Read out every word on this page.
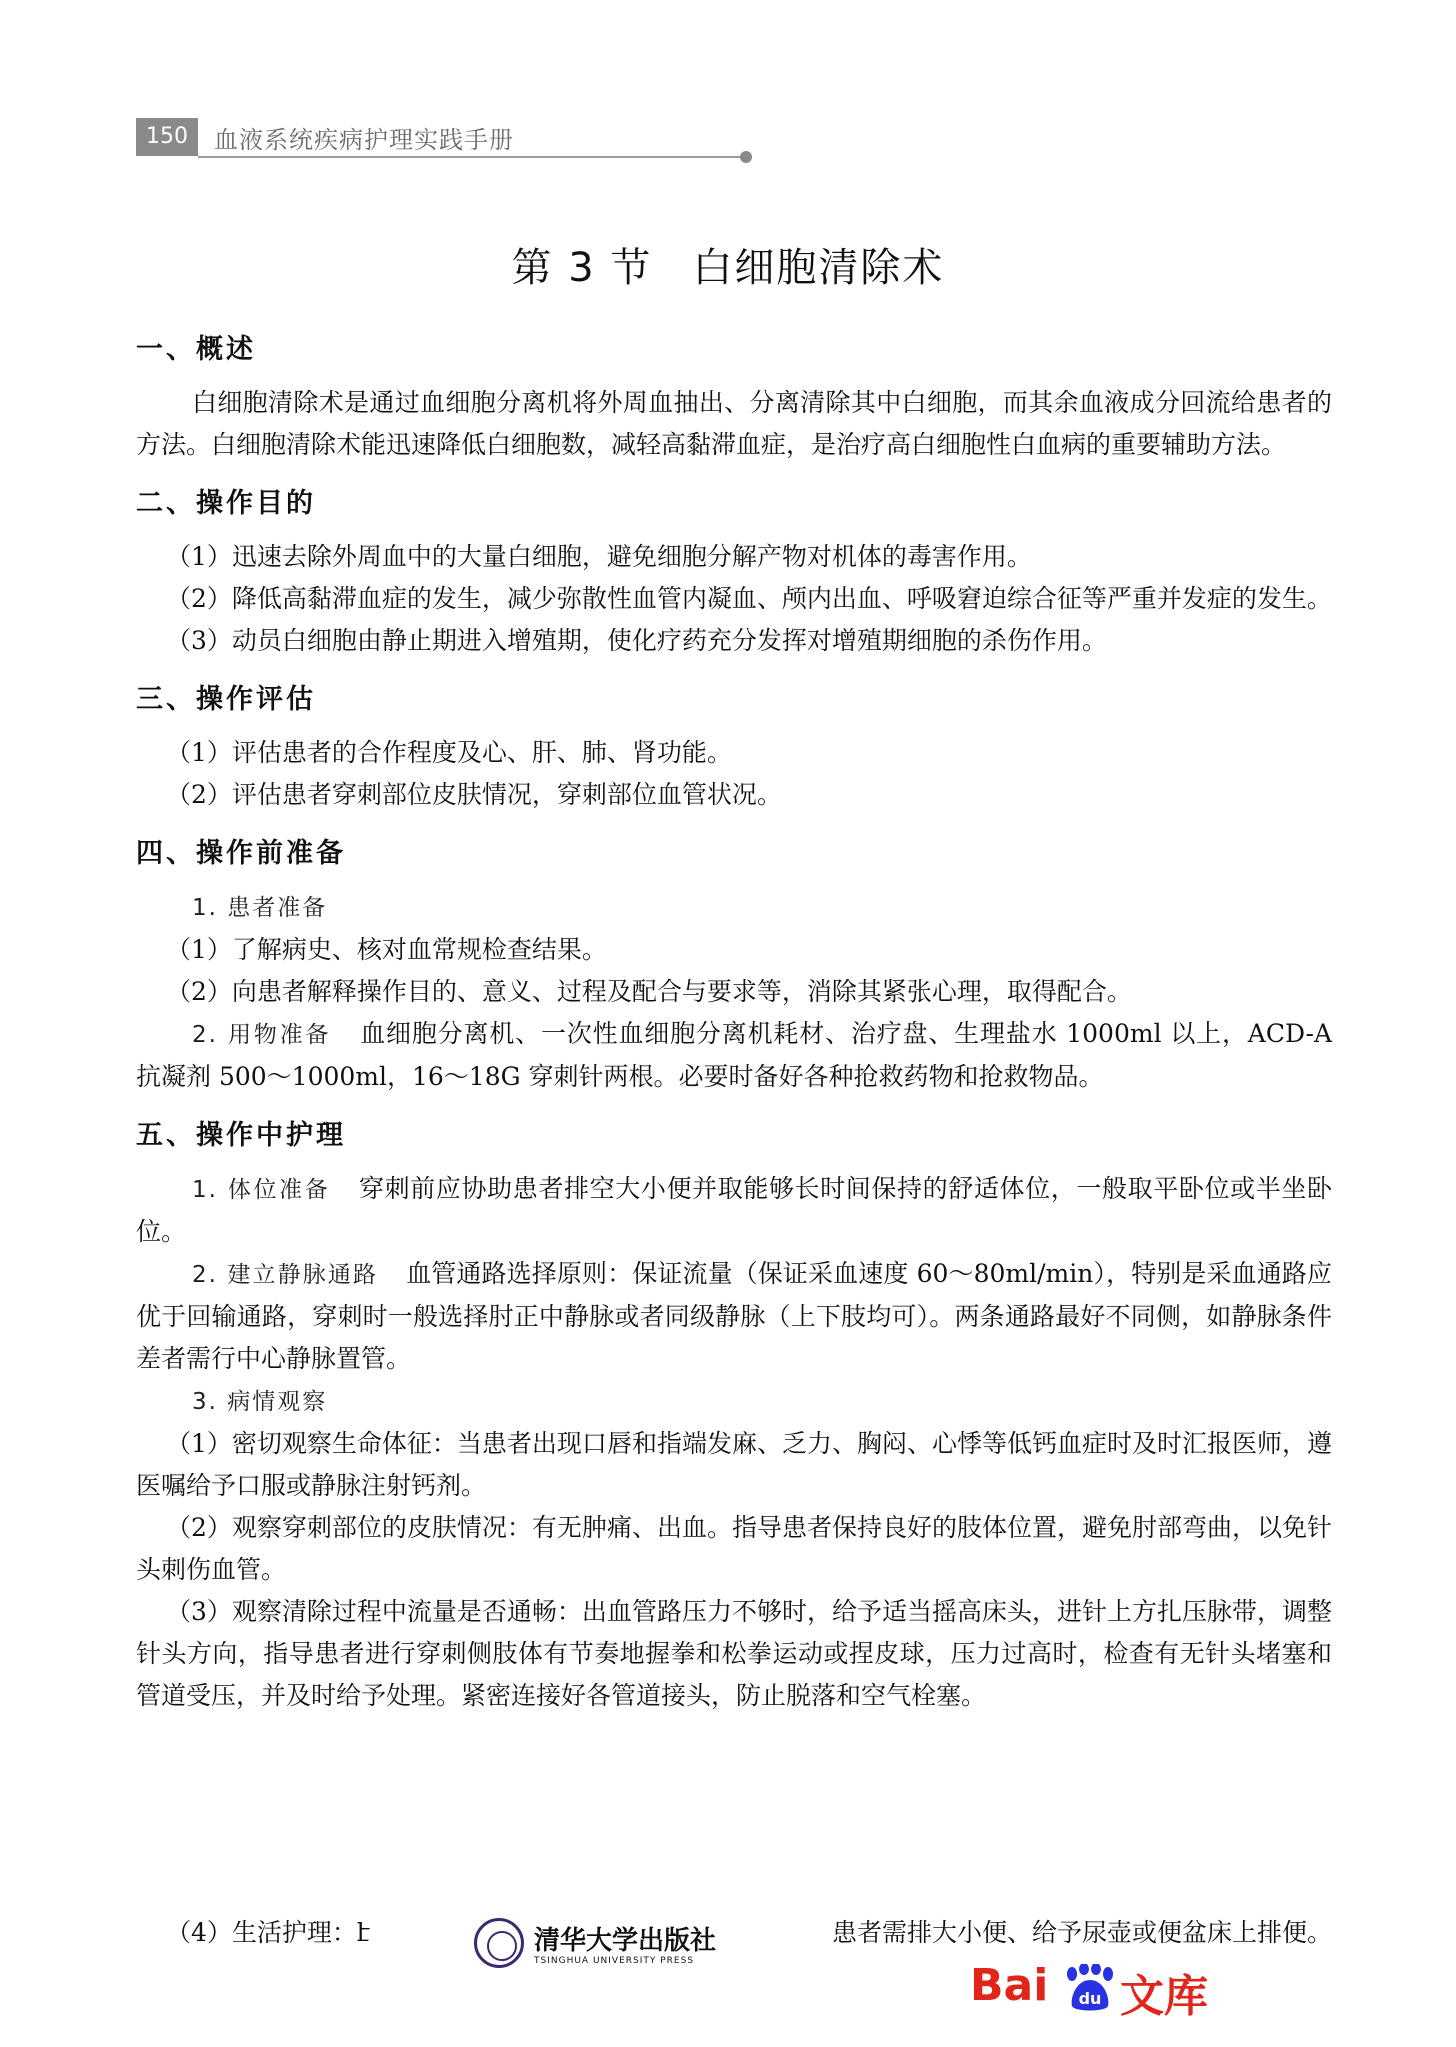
150	血液系统疾病护理实践手册
第 3 节 白细胞清除术
一、概述

白细胞清除术是通过血细胞分离机将外周血抽出、分离清除其中白细胞，而其余血液成分回流给患者的方法。白细胞清除术能迅速降低白细胞数，减轻高黏滞血症，是治疗高白细胞性白血病的重要辅助方法。

二、操作目的

（1）迅速去除外周血中的大量白细胞，避免细胞分解产物对机体的毒害作用。

（2）降低高黏滞血症的发生，减少弥散性血管内凝血、颅内出血、呼吸窘迫综合征等严重并发症的发生。

（3）动员白细胞由静止期进入增殖期，使化疗药充分发挥对增殖期细胞的杀伤作用。

三、操作评估

（1）评估患者的合作程度及心、肝、肺、肾功能。

（2）评估患者穿刺部位皮肤情况，穿刺部位血管状况。

四、操作前准备

1. 患者准备

（1）了解病史、核对血常规检查结果。

（2）向患者解释操作目的、意义、过程及配合与要求等，消除其紧张心理，取得配合。

2. 用物准备 血细胞分离机、一次性血细胞分离机耗材、治疗盘、生理盐水 1000ml 以上，ACD-A 抗凝剂 500～1000ml，16～18G 穿刺针两根。必要时备好各种抢救药物和抢救物品。

五、操作中护理

1. 体位准备 穿刺前应协助患者排空大小便并取能够长时间保持的舒适体位，一般取平卧位或半坐卧位。

2. 建立静脉通路 血管通路选择原则：保证流量（保证采血速度 60～80ml/min），特别是采血通路应优于回输通路，穿刺时一般选择肘正中静脉或者同级静脉（上下肢均可）。两条通路最好不同侧，如静脉条件差者需行中心静脉置管。

3. 病情观察

（1）密切观察生命体征：当患者出现口唇和指端发麻、乏力、胸闷、心悸等低钙血症时及时汇报医师，遵医嘱给予口服或静脉注射钙剂。

（2）观察穿刺部位的皮肤情况：有无肿痛、出血。指导患者保持良好的肢体位置，避免肘部弯曲，以免针头刺伤血管。

（3）观察清除过程中流量是否通畅：出血管路压力不够时，给予适当摇高床头，进针上方扎压脉带，调整针头方向，指导患者进行穿刺侧肢体有节奏地握拳和松拳运动或捏皮球，压力过高时，检查有无针头堵塞和管道受压，并及时给予处理。紧密连接好各管道接头，防止脱落和空气栓塞。

（4）生活护理：է	患者需排大小便、给予尿壶或便盆床上排便。
清华大学出版社
TSINGHUA UNIVERSITY PRESS	Bai du 文库
